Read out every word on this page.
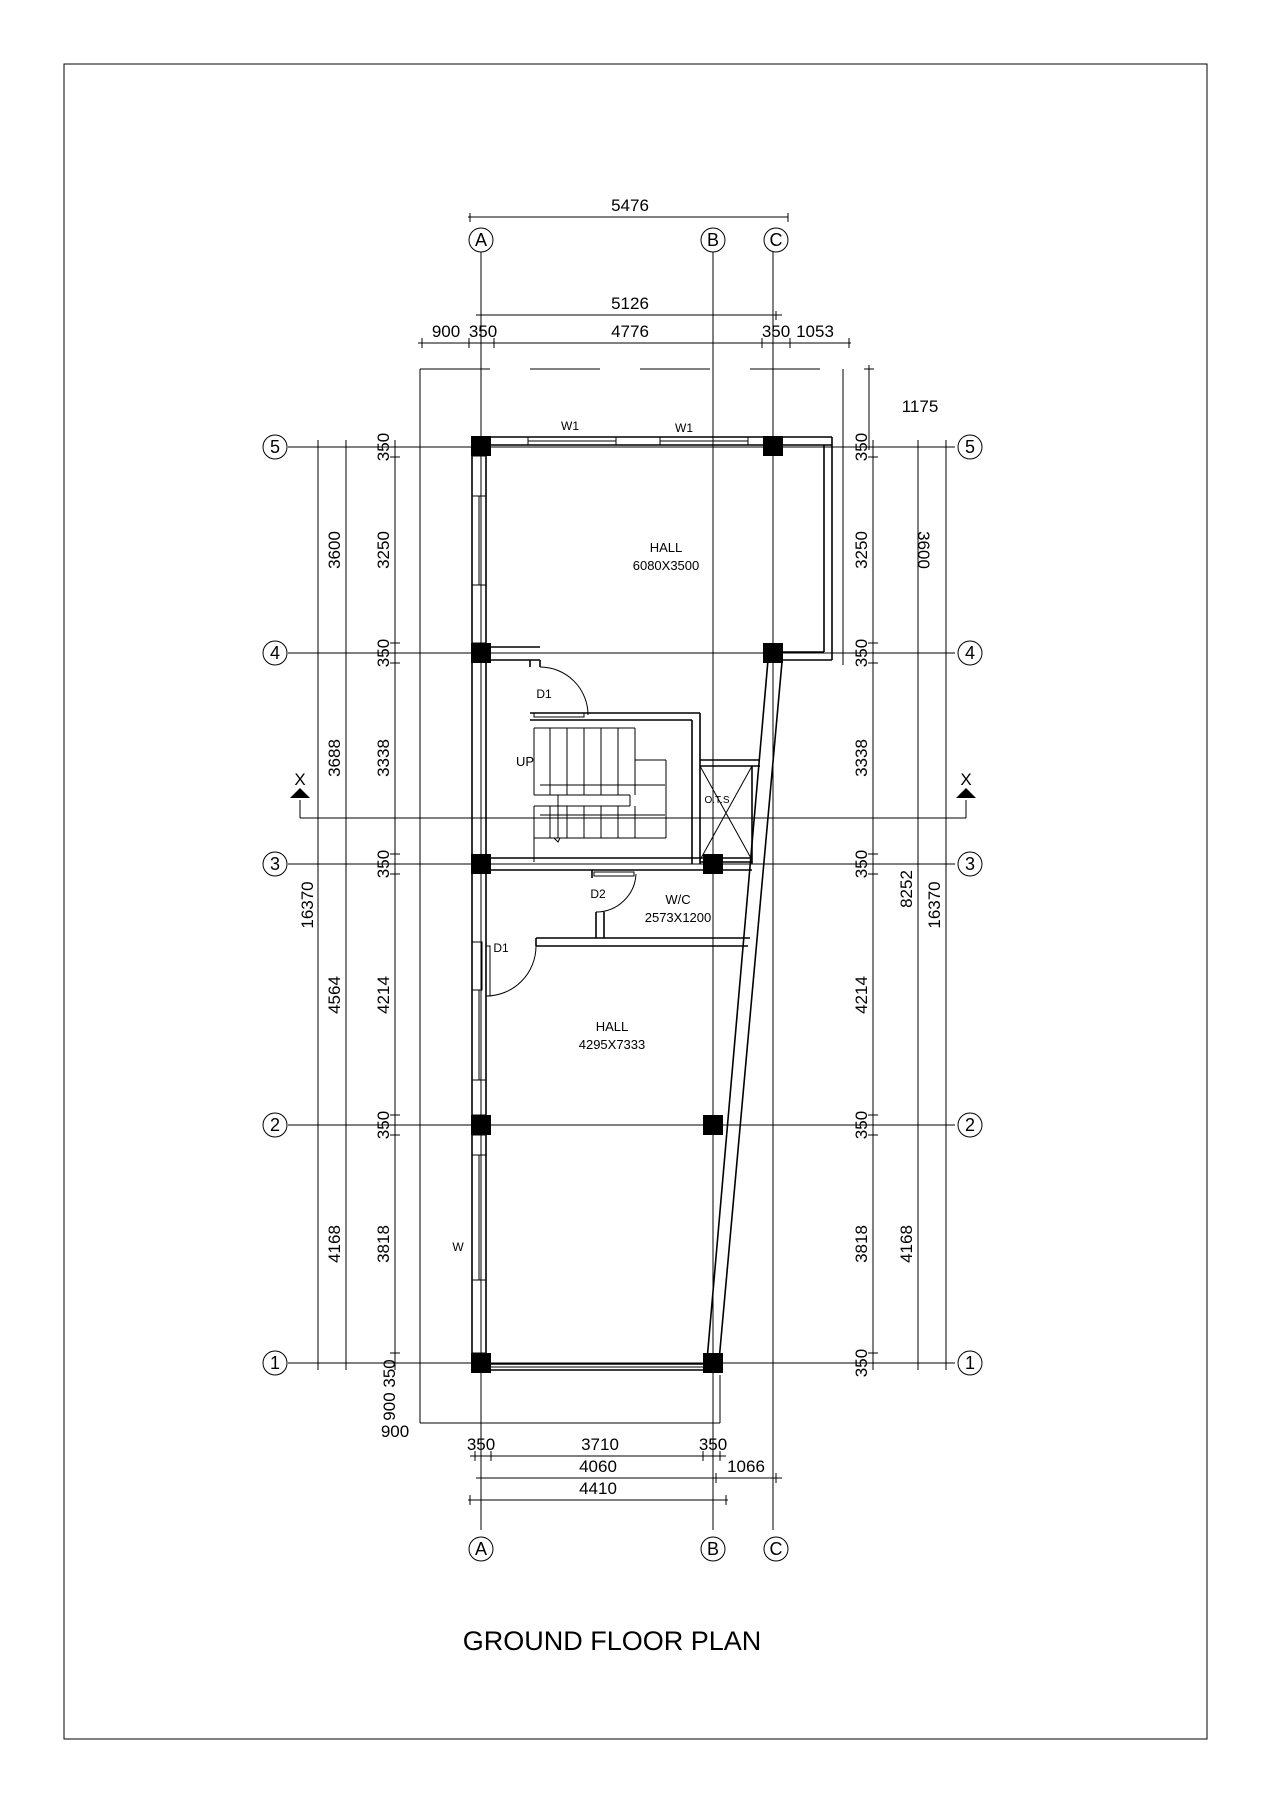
A	B	C
A	B	C
5
4
3
2
1
5
4
3
2
1
UP
O.T.S
X	X
HALL
6080X3500
HALL
4295X7333
W/C
2573X1200
W1	W1
D1
D2
D1
W
5476
5126
900 350	4776	350 1053
1175
350	3710	350
4060	1066
4410
900 350
900
16370
3600
3688
4564
4168
350
3250
350
3338
350
4214
350
3818
350
3250
350
3338
350
4214
350
3818
350
3600
8252
4168
16370
GROUND FLOOR PLAN
